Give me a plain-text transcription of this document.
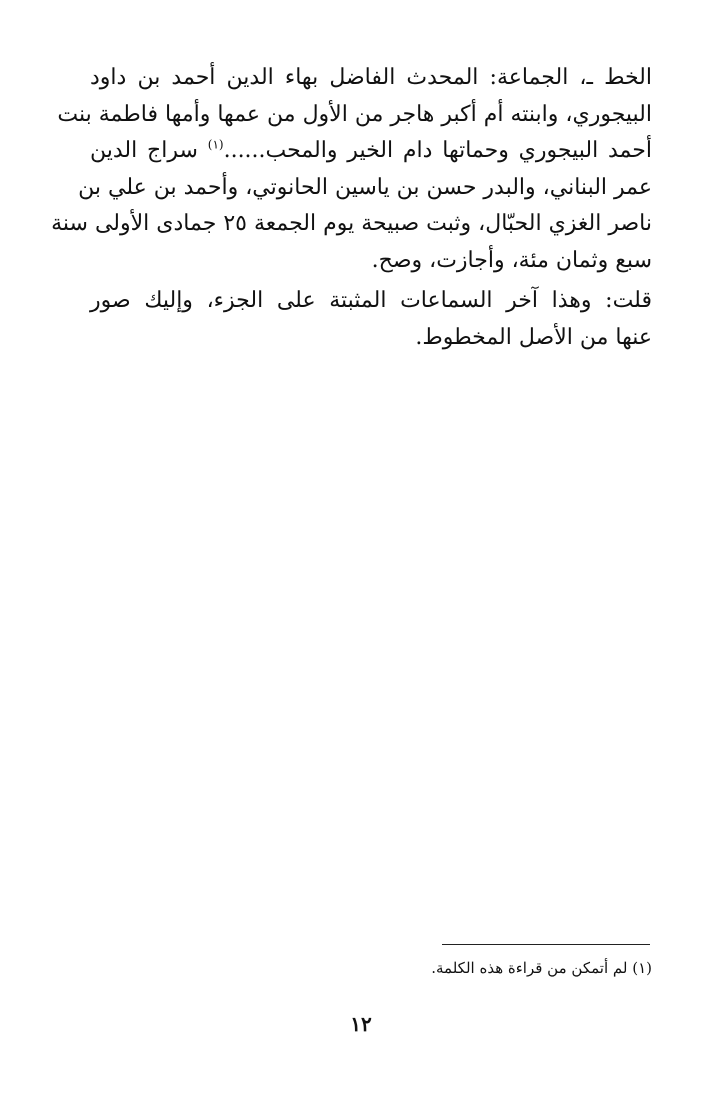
الخط ـ، الجماعة: المحدث الفاضل بهاء الدين أحمد بن داود
البيجوري، وابنته أم أكبر هاجر من الأول من عمها وأمها فاطمة بنت
أحمد البيجوري وحماتها دام الخير والمحب......$^{(١)}$ سراج الدين
عمر البناني، والبدر حسن بن ياسين الحانوتي، وأحمد بن علي بن
ناصر الغزي الحبّال، وثبت صبيحة يوم الجمعة ٢٥ جمادى الأولى سنة
سبع وثمان مئة، وأجازت، وصح.
قلت: وهذا آخر السماعات المثبتة على الجزء، وإليك صور
عنها من الأصل المخطوط.
(١) لم أتمكن من قراءة هذه الكلمة.
١٢
